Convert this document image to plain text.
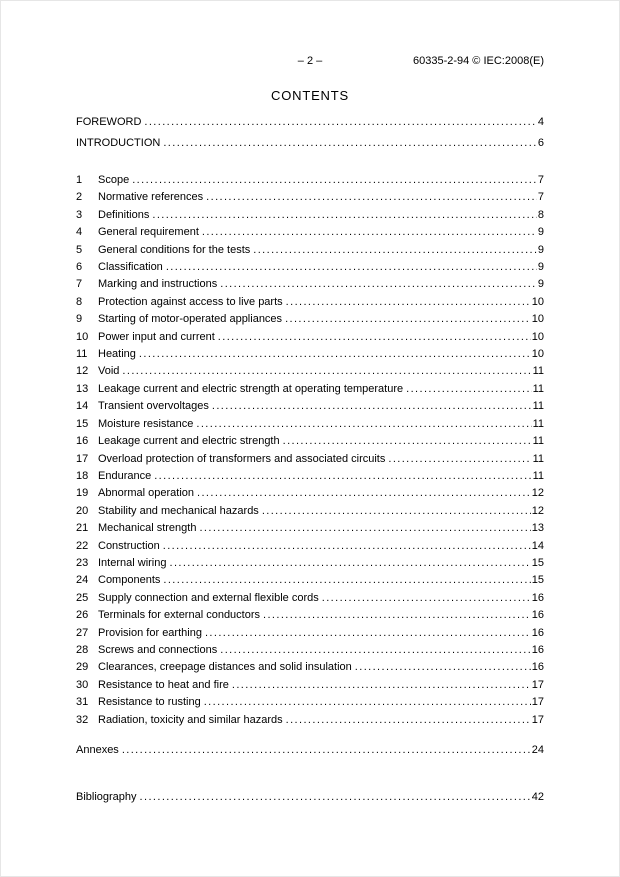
– 2 –	60335-2-94 © IEC:2008(E)
CONTENTS
FOREWORD .....	4
INTRODUCTION .....	6
1	Scope .....	7
2	Normative references .....	7
3	Definitions .....	8
4	General requirement .....	9
5	General conditions for the tests .....	9
6	Classification .....	9
7	Marking and instructions .....	9
8	Protection against access to live parts .....	10
9	Starting of motor-operated appliances .....	10
10 Power input and current .....	10
11 Heating .....	10
12 Void .....	11
13 Leakage current and electric strength at operating temperature .....	11
14 Transient overvoltages .....	11
15 Moisture resistance .....	11
16 Leakage current and electric strength .....	11
17 Overload protection of transformers and associated circuits .....	11
18 Endurance .....	11
19 Abnormal operation .....	12
20 Stability and mechanical hazards .....	12
21 Mechanical strength .....	13
22 Construction .....	14
23 Internal wiring .....	15
24 Components .....	15
25 Supply connection and external flexible cords .....	16
26 Terminals for external conductors .....	16
27 Provision for earthing .....	16
28 Screws and connections .....	16
29 Clearances, creepage distances and solid insulation .....	16
30 Resistance to heat and fire .....	17
31 Resistance to rusting .....	17
32 Radiation, toxicity and similar hazards .....	17
Annexes .....	24
Bibliography .....	42
